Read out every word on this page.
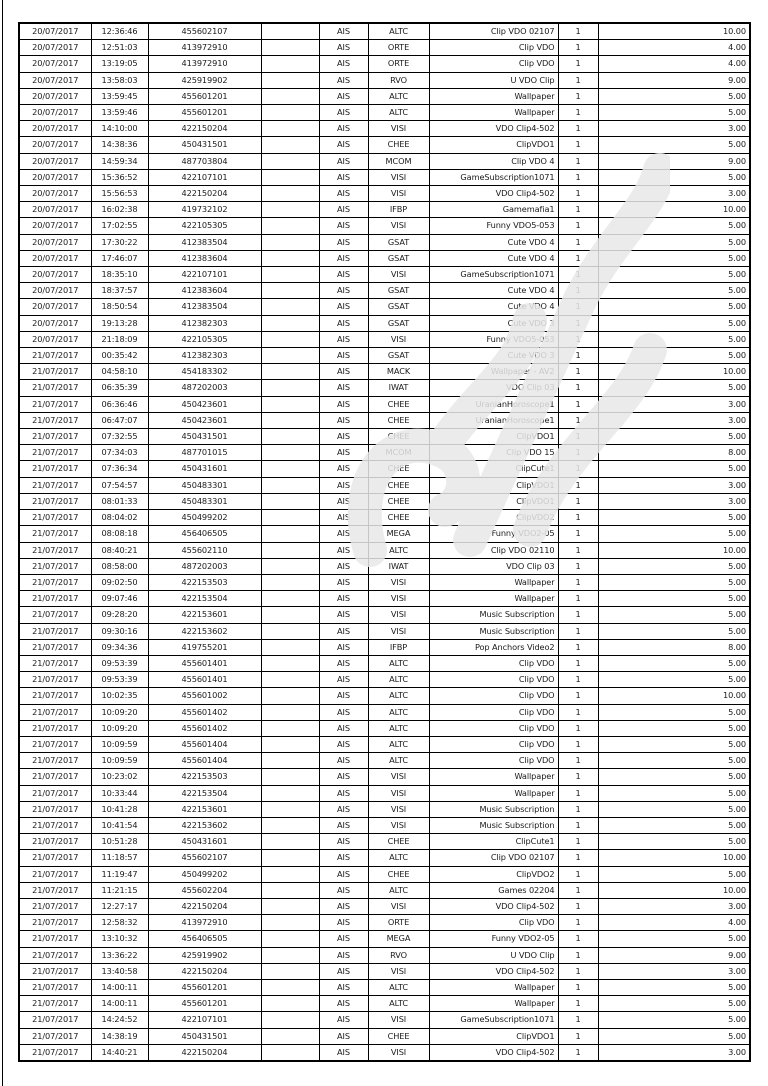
20/07/2017	12:36:46	455602107		AIS	ALTC	Clip VDO 02107	1	10.00
20/07/2017	12:51:03	413972910		AIS	ORTE	Clip VDO	1	4.00
20/07/2017	13:19:05	413972910		AIS	ORTE	Clip VDO	1	4.00
20/07/2017	13:58:03	425919902		AIS	RVO	U VDO Clip	1	9.00
20/07/2017	13:59:45	455601201		AIS	ALTC	Wallpaper	1	5.00
20/07/2017	13:59:46	455601201		AIS	ALTC	Wallpaper	1	5.00
20/07/2017	14:10:00	422150204		AIS	VISI	VDO Clip4-502	1	3.00
20/07/2017	14:38:36	450431501		AIS	CHEE	ClipVDO1	1	5.00
20/07/2017	14:59:34	487703804		AIS	MCOM	Clip VDO 4	1	9.00
20/07/2017	15:36:52	422107101		AIS	VISI	GameSubscription1071	1	5.00
20/07/2017	15:56:53	422150204		AIS	VISI	VDO Clip4-502	1	3.00
20/07/2017	16:02:38	419732102		AIS	IFBP	Gamemafia1	1	10.00
20/07/2017	17:02:55	422105305		AIS	VISI	Funny VDO5-053	1	5.00
20/07/2017	17:30:22	412383504		AIS	GSAT	Cute VDO 4	1	5.00
20/07/2017	17:46:07	412383604		AIS	GSAT	Cute VDO 4	1	5.00
20/07/2017	18:35:10	422107101		AIS	VISI	GameSubscription1071	1	5.00
20/07/2017	18:37:57	412383604		AIS	GSAT	Cute VDO 4	1	5.00
20/07/2017	18:50:54	412383504		AIS	GSAT	Cute VDO 4	1	5.00
20/07/2017	19:13:28	412382303		AIS	GSAT	Cute VDO 3	1	5.00
20/07/2017	21:18:09	422105305		AIS	VISI	Funny VDO5-053	1	5.00
21/07/2017	00:35:42	412382303		AIS	GSAT	Cute VDO 3	1	5.00
21/07/2017	04:58:10	454183302		AIS	MACK	Wallpaper - AV2	1	10.00
21/07/2017	06:35:39	487202003		AIS	IWAT	VDO Clip 03	1	5.00
21/07/2017	06:36:46	450423601		AIS	CHEE	UranianHoroscope1	1	3.00
21/07/2017	06:47:07	450423601		AIS	CHEE	UranianHoroscope1	1	3.00
21/07/2017	07:32:55	450431501		AIS	CHEE	ClipVDO1	1	5.00
21/07/2017	07:34:03	487701015		AIS	MCOM	Clip VDO 15	1	8.00
21/07/2017	07:36:34	450431601		AIS	CHEE	ClipCute1	1	5.00
21/07/2017	07:54:57	450483301		AIS	CHEE	ClipVDO1	1	3.00
21/07/2017	08:01:33	450483301		AIS	CHEE	ClipVDO1	1	3.00
21/07/2017	08:04:02	450499202		AIS	CHEE	ClipVDO2	1	5.00
21/07/2017	08:08:18	456406505		AIS	MEGA	Funny VDO2-05	1	5.00
21/07/2017	08:40:21	455602110		AIS	ALTC	Clip VDO 02110	1	10.00
21/07/2017	08:58:00	487202003		AIS	IWAT	VDO Clip 03	1	5.00
21/07/2017	09:02:50	422153503		AIS	VISI	Wallpaper	1	5.00
21/07/2017	09:07:46	422153504		AIS	VISI	Wallpaper	1	5.00
21/07/2017	09:28:20	422153601		AIS	VISI	Music Subscription	1	5.00
21/07/2017	09:30:16	422153602		AIS	VISI	Music Subscription	1	5.00
21/07/2017	09:34:36	419755201		AIS	IFBP	Pop Anchors Video2	1	8.00
21/07/2017	09:53:39	455601401		AIS	ALTC	Clip VDO	1	5.00
21/07/2017	09:53:39	455601401		AIS	ALTC	Clip VDO	1	5.00
21/07/2017	10:02:35	455601002		AIS	ALTC	Clip VDO	1	10.00
21/07/2017	10:09:20	455601402		AIS	ALTC	Clip VDO	1	5.00
21/07/2017	10:09:20	455601402		AIS	ALTC	Clip VDO	1	5.00
21/07/2017	10:09:59	455601404		AIS	ALTC	Clip VDO	1	5.00
21/07/2017	10:09:59	455601404		AIS	ALTC	Clip VDO	1	5.00
21/07/2017	10:23:02	422153503		AIS	VISI	Wallpaper	1	5.00
21/07/2017	10:33:44	422153504		AIS	VISI	Wallpaper	1	5.00
21/07/2017	10:41:28	422153601		AIS	VISI	Music Subscription	1	5.00
21/07/2017	10:41:54	422153602		AIS	VISI	Music Subscription	1	5.00
21/07/2017	10:51:28	450431601		AIS	CHEE	ClipCute1	1	5.00
21/07/2017	11:18:57	455602107		AIS	ALTC	Clip VDO 02107	1	10.00
21/07/2017	11:19:47	450499202		AIS	CHEE	ClipVDO2	1	5.00
21/07/2017	11:21:15	455602204		AIS	ALTC	Games 02204	1	10.00
21/07/2017	12:27:17	422150204		AIS	VISI	VDO Clip4-502	1	3.00
21/07/2017	12:58:32	413972910		AIS	ORTE	Clip VDO	1	4.00
21/07/2017	13:10:32	456406505		AIS	MEGA	Funny VDO2-05	1	5.00
21/07/2017	13:36:22	425919902		AIS	RVO	U VDO Clip	1	9.00
21/07/2017	13:40:58	422150204		AIS	VISI	VDO Clip4-502	1	3.00
21/07/2017	14:00:11	455601201		AIS	ALTC	Wallpaper	1	5.00
21/07/2017	14:00:11	455601201		AIS	ALTC	Wallpaper	1	5.00
21/07/2017	14:24:52	422107101		AIS	VISI	GameSubscription1071	1	5.00
21/07/2017	14:38:19	450431501		AIS	CHEE	ClipVDO1	1	5.00
21/07/2017	14:40:21	422150204		AIS	VISI	VDO Clip4-502	1	3.00
